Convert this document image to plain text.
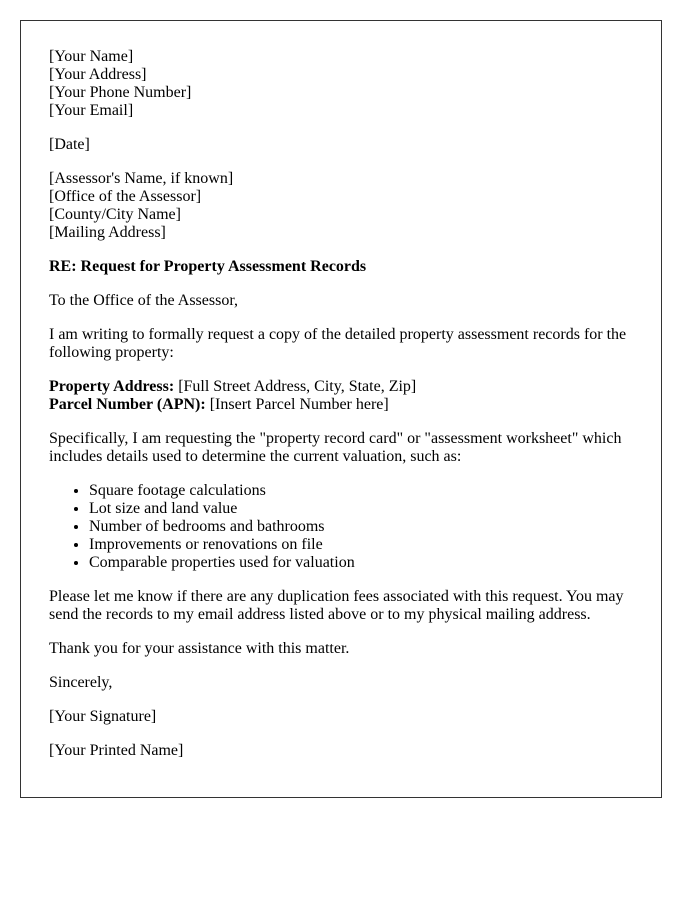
[Your Name]
[Your Address]
[Your Phone Number]
[Your Email]

[Date]

[Assessor's Name, if known]
[Office of the Assessor]
[County/City Name]
[Mailing Address]

RE: Request for Property Assessment Records

To the Office of the Assessor,

I am writing to formally request a copy of the detailed property assessment records for the following property:

Property Address: [Full Street Address, City, State, Zip]
Parcel Number (APN): [Insert Parcel Number here]

Specifically, I am requesting the "property record card" or "assessment worksheet" which includes details used to determine the current valuation, such as:

• Square footage calculations
• Lot size and land value
• Number of bedrooms and bathrooms
• Improvements or renovations on file
• Comparable properties used for valuation

Please let me know if there are any duplication fees associated with this request. You may send the records to my email address listed above or to my physical mailing address.

Thank you for your assistance with this matter.

Sincerely,

[Your Signature]

[Your Printed Name]
